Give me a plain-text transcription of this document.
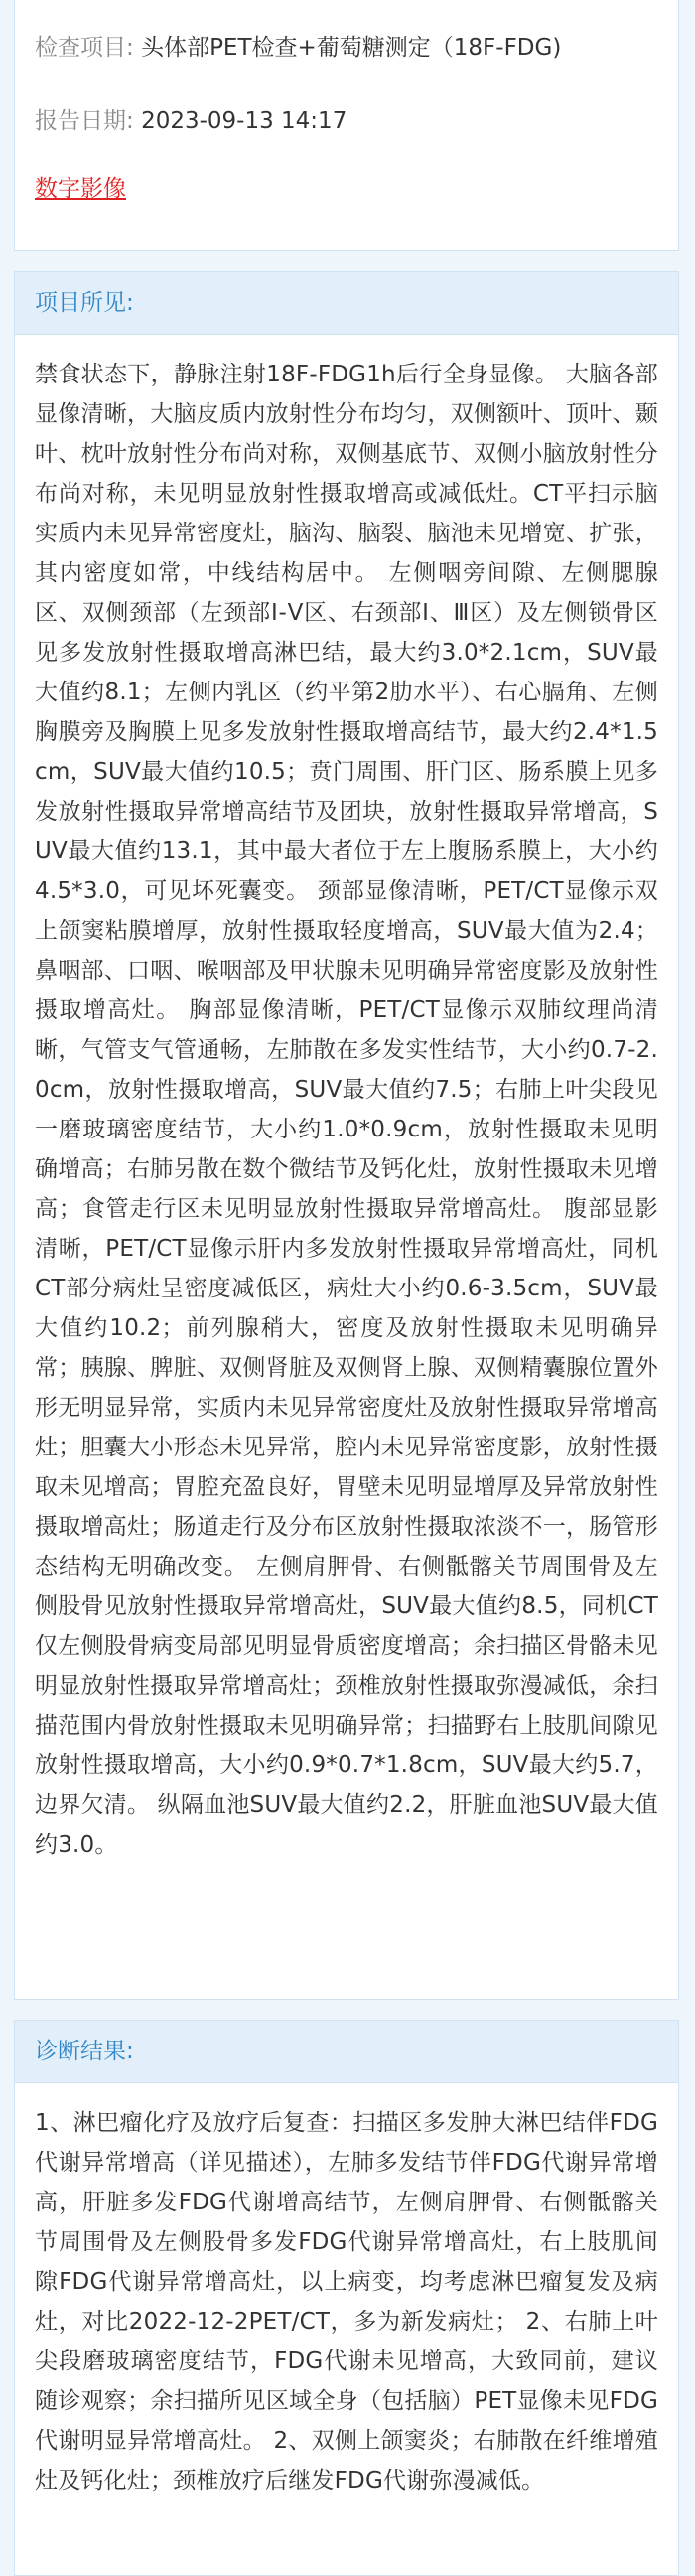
检查项目: 头体部PET检查+葡萄糖测定（18F-FDG)
报告日期: 2023-09-13 14:17
数字影像
项目所见:
禁食状态下，静脉注射18F-FDG1h后行全身显像。 大脑各部显像清晰，大脑皮质内放射性分布均匀，双侧额叶、顶叶、颞叶、枕叶放射性分布尚对称，双侧基底节、双侧小脑放射性分布尚对称，未见明显放射性摄取增高或减低灶。CT平扫示脑实质内未见异常密度灶，脑沟、脑裂、脑池未见增宽、扩张，其内密度如常，中线结构居中。 左侧咽旁间隙、左侧腮腺区、双侧颈部（左颈部Ⅰ-Ⅴ区、右颈部Ⅰ、Ⅲ区）及左侧锁骨区见多发放射性摄取增高淋巴结，最大约3.0*2.1cm，SUV最大值约8.1；左侧内乳区（约平第2肋水平）、右心膈角、左侧胸膜旁及胸膜上见多发放射性摄取增高结节，最大约2.4*1.5cm，SUV最大值约10.5；贲门周围、肝门区、肠系膜上见多发放射性摄取异常增高结节及团块，放射性摄取异常增高，SUV最大值约13.1，其中最大者位于左上腹肠系膜上，大小约4.5*3.0，可见坏死囊变。 颈部显像清晰，PET/CT显像示双上颌窦粘膜增厚，放射性摄取轻度增高，SUV最大值为2.4；鼻咽部、口咽、喉咽部及甲状腺未见明确异常密度影及放射性摄取增高灶。 胸部显像清晰，PET/CT显像示双肺纹理尚清晰，气管支气管通畅，左肺散在多发实性结节，大小约0.7-2.0cm，放射性摄取增高，SUV最大值约7.5；右肺上叶尖段见一磨玻璃密度结节，大小约1.0*0.9cm，放射性摄取未见明确增高；右肺另散在数个微结节及钙化灶，放射性摄取未见增高；食管走行区未见明显放射性摄取异常增高灶。 腹部显影清晰，PET/CT显像示肝内多发放射性摄取异常增高灶，同机CT部分病灶呈密度减低区，病灶大小约0.6-3.5cm，SUV最大值约10.2；前列腺稍大，密度及放射性摄取未见明确异常；胰腺、脾脏、双侧肾脏及双侧肾上腺、双侧精囊腺位置外形无明显异常，实质内未见异常密度灶及放射性摄取异常增高灶；胆囊大小形态未见异常，腔内未见异常密度影，放射性摄取未见增高；胃腔充盈良好，胃壁未见明显增厚及异常放射性摄取增高灶；肠道走行及分布区放射性摄取浓淡不一，肠管形态结构无明确改变。 左侧肩胛骨、右侧骶髂关节周围骨及左侧股骨见放射性摄取异常增高灶，SUV最大值约8.5，同机CT仅左侧股骨病变局部见明显骨质密度增高；余扫描区骨骼未见明显放射性摄取异常增高灶；颈椎放射性摄取弥漫减低，余扫描范围内骨放射性摄取未见明确异常；扫描野右上肢肌间隙见放射性摄取增高，大小约0.9*0.7*1.8cm，SUV最大约5.7，边界欠清。 纵隔血池SUV最大值约2.2，肝脏血池SUV最大值约3.0。
诊断结果:
1、淋巴瘤化疗及放疗后复查：扫描区多发肿大淋巴结伴FDG代谢异常增高（详见描述），左肺多发结节伴FDG代谢异常增高，肝脏多发FDG代谢增高结节，左侧肩胛骨、右侧骶髂关节周围骨及左侧股骨多发FDG代谢异常增高灶，右上肢肌间隙FDG代谢异常增高灶，以上病变，均考虑淋巴瘤复发及病灶，对比2022-12-2PET/CT，多为新发病灶； 2、右肺上叶尖段磨玻璃密度结节，FDG代谢未见增高，大致同前，建议随诊观察；余扫描所见区域全身（包括脑）PET显像未见FDG代谢明显异常增高灶。 2、双侧上颌窦炎；右肺散在纤维增殖灶及钙化灶；颈椎放疗后继发FDG代谢弥漫减低。
